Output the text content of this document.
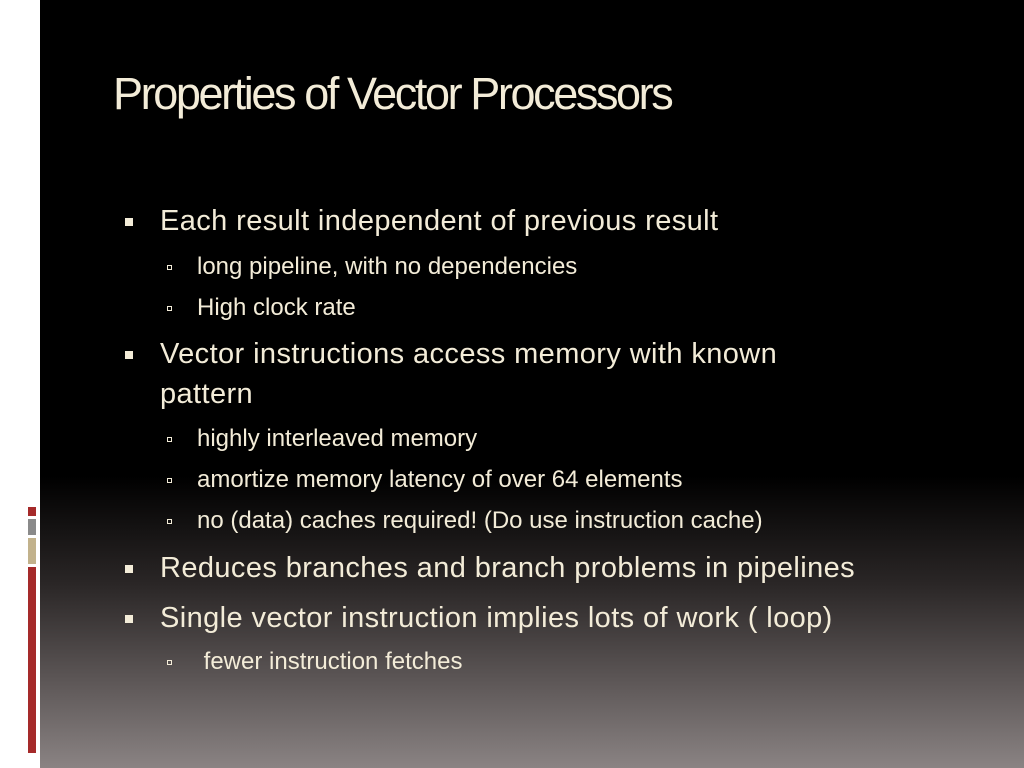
Properties of Vector Processors
Each result independent of previous result
long pipeline, with no dependencies
High clock rate
Vector instructions access memory with known
pattern
highly interleaved memory
amortize memory latency of over 64 elements
no (data) caches required! (Do use instruction cache)
Reduces branches and branch problems in pipelines
Single vector instruction implies lots of work ( loop)
fewer instruction fetches
